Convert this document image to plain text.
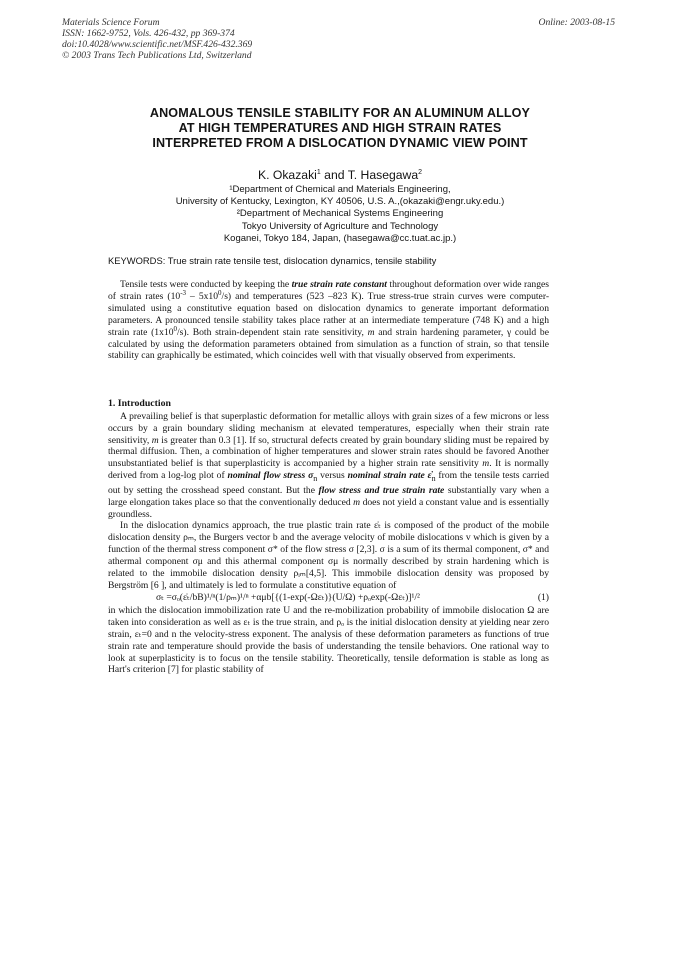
Materials Science Forum
ISSN: 1662-9752, Vols. 426-432, pp 369-374
doi:10.4028/www.scientific.net/MSF.426-432.369
© 2003 Trans Tech Publications Ltd, Switzerland
Online: 2003-08-15
ANOMALOUS TENSILE STABILITY FOR AN ALUMINUM ALLOY
AT HIGH TEMPERATURES AND HIGH STRAIN RATES
INTERPRETED FROM A DISLOCATION DYNAMIC VIEW POINT
K. Okazaki$^1$ and T. Hasegawa$^2$
¹Department of Chemical and Materials Engineering,
University of Kentucky, Lexington, KY 40506, U.S. A.,(okazaki@engr.uky.edu.)
²Department of Mechanical Systems Engineering
Tokyo University of Agriculture and Technology
Koganei, Tokyo 184, Japan, (hasegawa@cc.tuat.ac.jp.)
KEYWORDS: True strain rate tensile test, dislocation dynamics, tensile stability

Tensile tests were conducted by keeping the true strain rate constant throughout deformation over wide ranges of strain rates $(10^{-3} - 5x10^0/s)$ and temperatures (523 –823 K). True stress-true strain curves were computer-simulated using a constitutive equation based on dislocation dynamics to generate important deformation parameters. A pronounced tensile stability takes place rather at an intermediate temperature (748 K) and a high strain rate $(1x10^0/s)$. Both strain-dependent stain rate sensitivity, m and strain hardening parameter, γ could be calculated by using the deformation parameters obtained from simulation as a function of strain, so that tensile stability can graphically be estimated, which coincides well with that visually observed from experiments.

1. Introduction

A prevailing belief is that superplastic deformation for metallic alloys with grain sizes of a few microns or less occurs by a grain boundary sliding mechanism at elevated temperatures, especially when their strain rate sensitivity, m is greater than 0.3 [1]. If so, structural defects created by grain boundary sliding must be repaired by thermal diffusion. Then, a combination of higher temperatures and slower strain rates should be favored Another unsubstantiated belief is that superplasticity is accompanied by a higher strain rate sensitivity m. It is normally derived from a log-log plot of nominal flow stress $\sigma_n$ versus nominal strain rate $\varepsiloṅ_n$ from the tensile tests carried out by setting the crosshead speed constant. But the flow stress and true strain rate substantially vary when a large elongation takes place so that the conventionally deduced m does not yield a constant value and is essentially groundless.

In the dislocation dynamics approach, the true plastic train rate ε̇ₜ is composed of the product of the mobile dislocation density ρₘ, the Burgers vector b and the average velocity of mobile dislocations v which is given by a function of the thermal stress component σ* of the flow stress σ [2,3]. σ is a sum of its thermal component, σ* and athermal component σμ and this athermal component σμ is normally described by strain hardening which is related to the immobile dislocation density ρᵢₘ[4,5]. This immobile dislocation density was proposed by Bergström [6 ], and ultimately is led to formulate a constitutive equation of

σₜ =σₒ(ε̇ₜ/bB)¹/ⁿ(1/ρₘ)¹/ⁿ +αμb[{(1-exp(-Ωεₜ)}(U/Ω) +ρₒexp(-Ωεₜ)]¹/²	(1)

in which the dislocation immobilization rate U and the re-mobilization probability of immobile dislocation Ω are taken into consideration as well as εₜ is the true strain, and ρₒ is the initial dislocation density at yielding near zero strain, εₜ=0 and n the velocity-stress exponent. The analysis of these deformation parameters as functions of true strain rate and temperature should provide the basis of understanding the tensile behaviors. One rational way to look at superplasticity is to focus on the tensile stability. Theoretically, tensile deformation is stable as long as Hart's criterion [7] for plastic stability of
